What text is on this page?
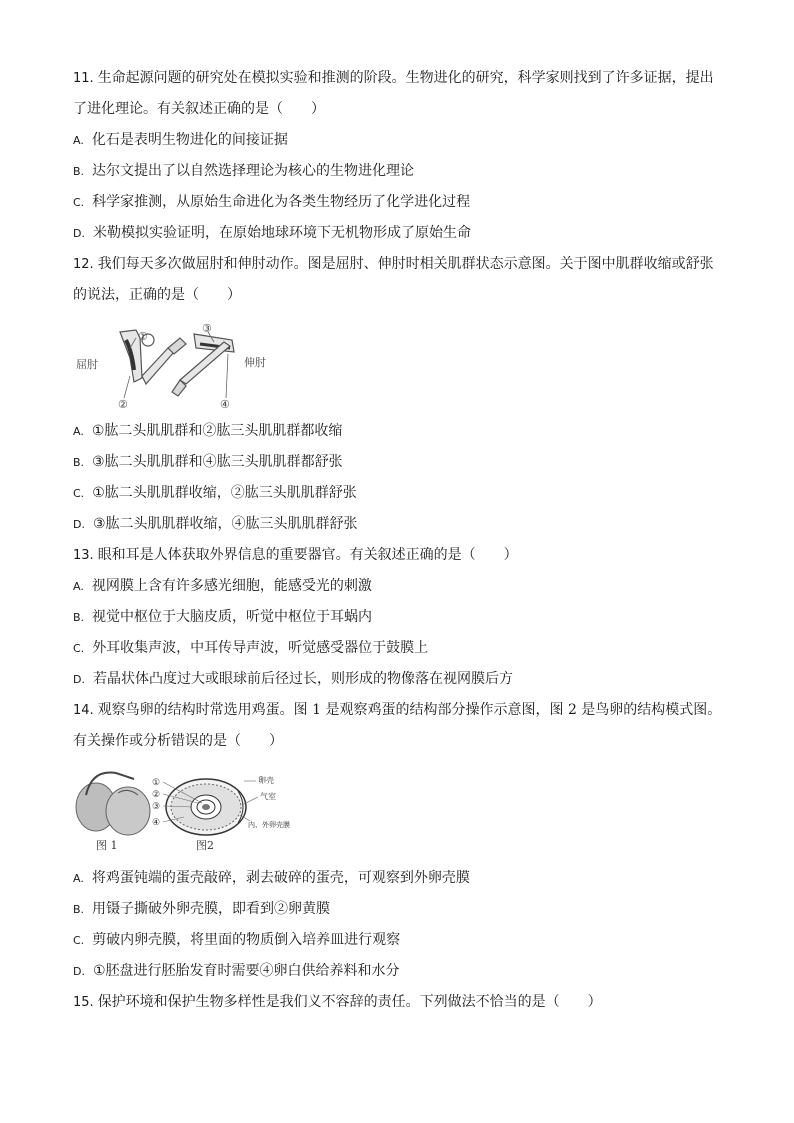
11. 生命起源问题的研究处在模拟实验和推测的阶段。生物进化的研究，科学家则找到了许多证据，提出
了进化理论。有关叙述正确的是（　　）
A. 化石是表明生物进化的间接证据
B. 达尔文提出了以自然选择理论为核心的生物进化理论
C. 科学家推测，从原始生命进化为各类生物经历了化学进化过程
D. 米勒模拟实验证明，在原始地球环境下无机物形成了原始生命
12. 我们每天多次做屈肘和伸肘动作。图是屈肘、伸肘时相关肌群状态示意图。关于图中肌群收缩或舒张
的说法，正确的是（　　）
屈肘
①
②
伸肘
③
④
A. ①肱二头肌肌群和②肱三头肌肌群都收缩
B. ③肱二头肌肌群和④肱三头肌肌群都舒张
C. ①肱二头肌肌群收缩，②肱三头肌肌群舒张
D. ③肱二头肌肌群收缩，④肱三头肌肌群舒张
13. 眼和耳是人体获取外界信息的重要器官。有关叙述正确的是（　　）
A. 视网膜上含有许多感光细胞，能感受光的刺激
B. 视觉中枢位于大脑皮质，听觉中枢位于耳蜗内
C. 外耳收集声波，中耳传导声波，听觉感受器位于鼓膜上
D. 若晶状体凸度过大或眼球前后径过长，则形成的物像落在视网膜后方
14. 观察鸟卵的结构时常选用鸡蛋。图 1 是观察鸡蛋的结构部分操作示意图，图 2 是鸟卵的结构模式图。
有关操作或分析错误的是（　　）
图 1
①
②
③
④
卵壳
气室
内、外卵壳膜
图2
A. 将鸡蛋钝端的蛋壳敲碎，剥去破碎的蛋壳，可观察到外卵壳膜
B. 用镊子撕破外卵壳膜，即看到②卵黄膜
C. 剪破内卵壳膜，将里面的物质倒入培养皿进行观察
D. ①胚盘进行胚胎发育时需要④卵白供给养料和水分
15. 保护环境和保护生物多样性是我们义不容辞的责任。下列做法不恰当的是（　　）
